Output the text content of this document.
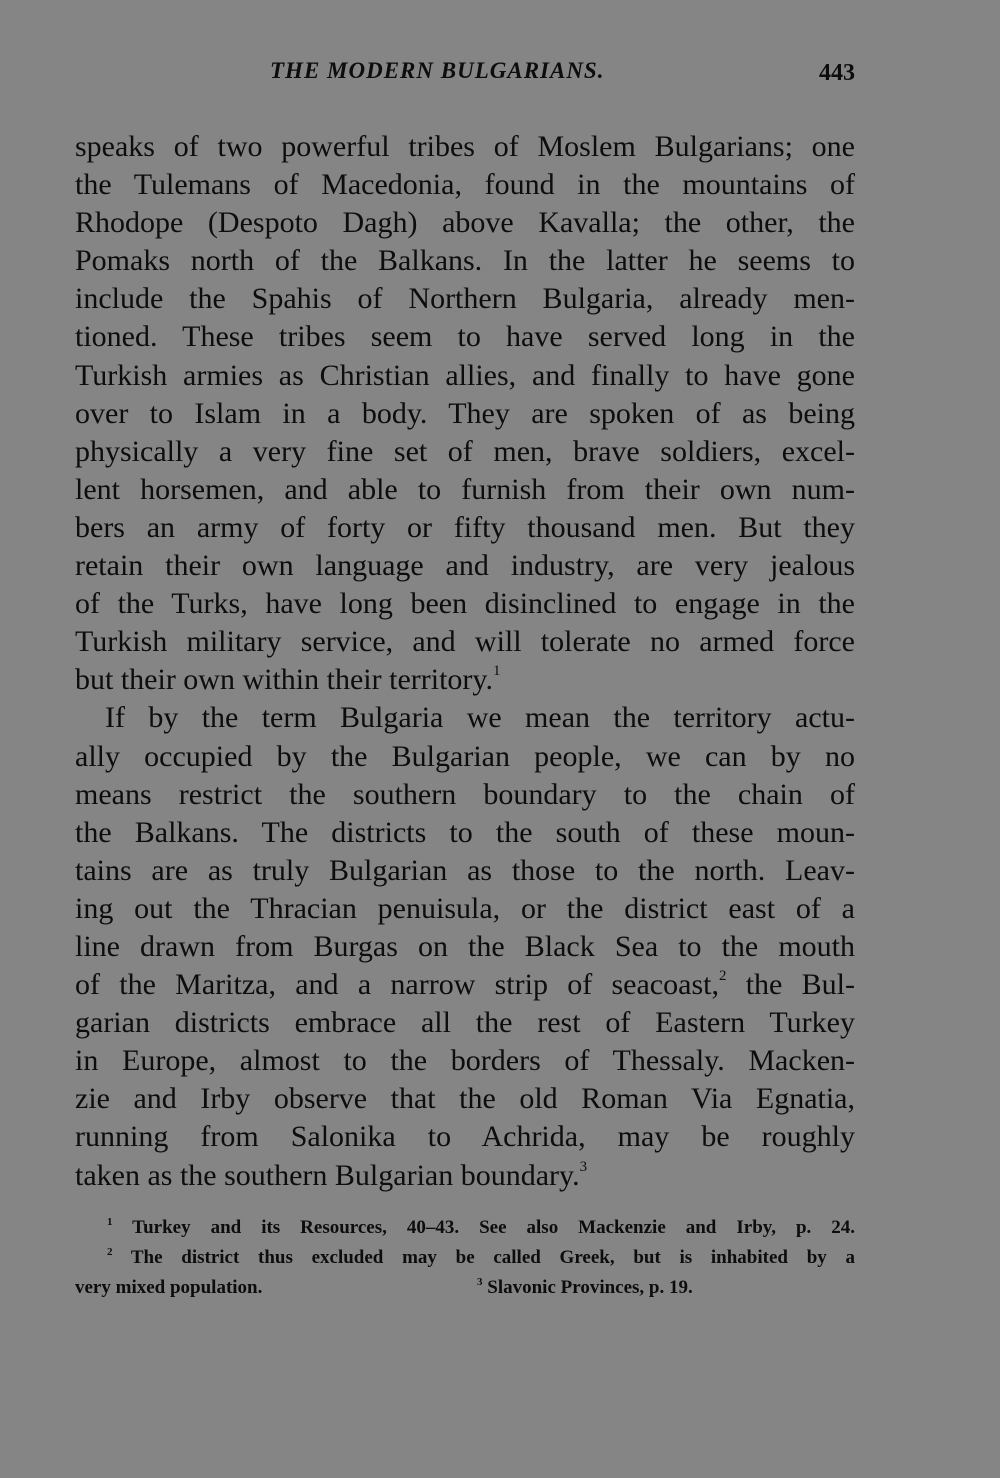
THE MODERN BULGARIANS.	443
speaks of two powerful tribes of Moslem Bulgarians; one
the Tulemans of Macedonia, found in the mountains of
Rhodope (Despoto Dagh) above Kavalla; the other, the
Pomaks north of the Balkans. In the latter he seems to
include the Spahis of Northern Bulgaria, already men-
tioned. These tribes seem to have served long in the
Turkish armies as Christian allies, and finally to have gone
over to Islam in a body. They are spoken of as being
physically a very fine set of men, brave soldiers, excel-
lent horsemen, and able to furnish from their own num-
bers an army of forty or fifty thousand men. But they
retain their own language and industry, are very jealous
of the Turks, have long been disinclined to engage in the
Turkish military service, and will tolerate no armed force
but their own within their territory.$^1$
If by the term Bulgaria we mean the territory actu-
ally occupied by the Bulgarian people, we can by no
means restrict the southern boundary to the chain of
the Balkans. The districts to the south of these moun-
tains are as truly Bulgarian as those to the north. Leav-
ing out the Thracian penuisula, or the district east of a
line drawn from Burgas on the Black Sea to the mouth
of the Maritza, and a narrow strip of seacoast,$^2$ the Bul-
garian districts embrace all the rest of Eastern Turkey
in Europe, almost to the borders of Thessaly. Macken-
zie and Irby observe that the old Roman Via Egnatia,
running from Salonika to Achrida, may be roughly
taken as the southern Bulgarian boundary.$^3$
$^1$ Turkey and its Resources, 40–43. See also Mackenzie and Irby, p. 24.
$^2$ The district thus excluded may be called Greek, but is inhabited by a
very mixed population.	$^3$ Slavonic Provinces, p. 19.
